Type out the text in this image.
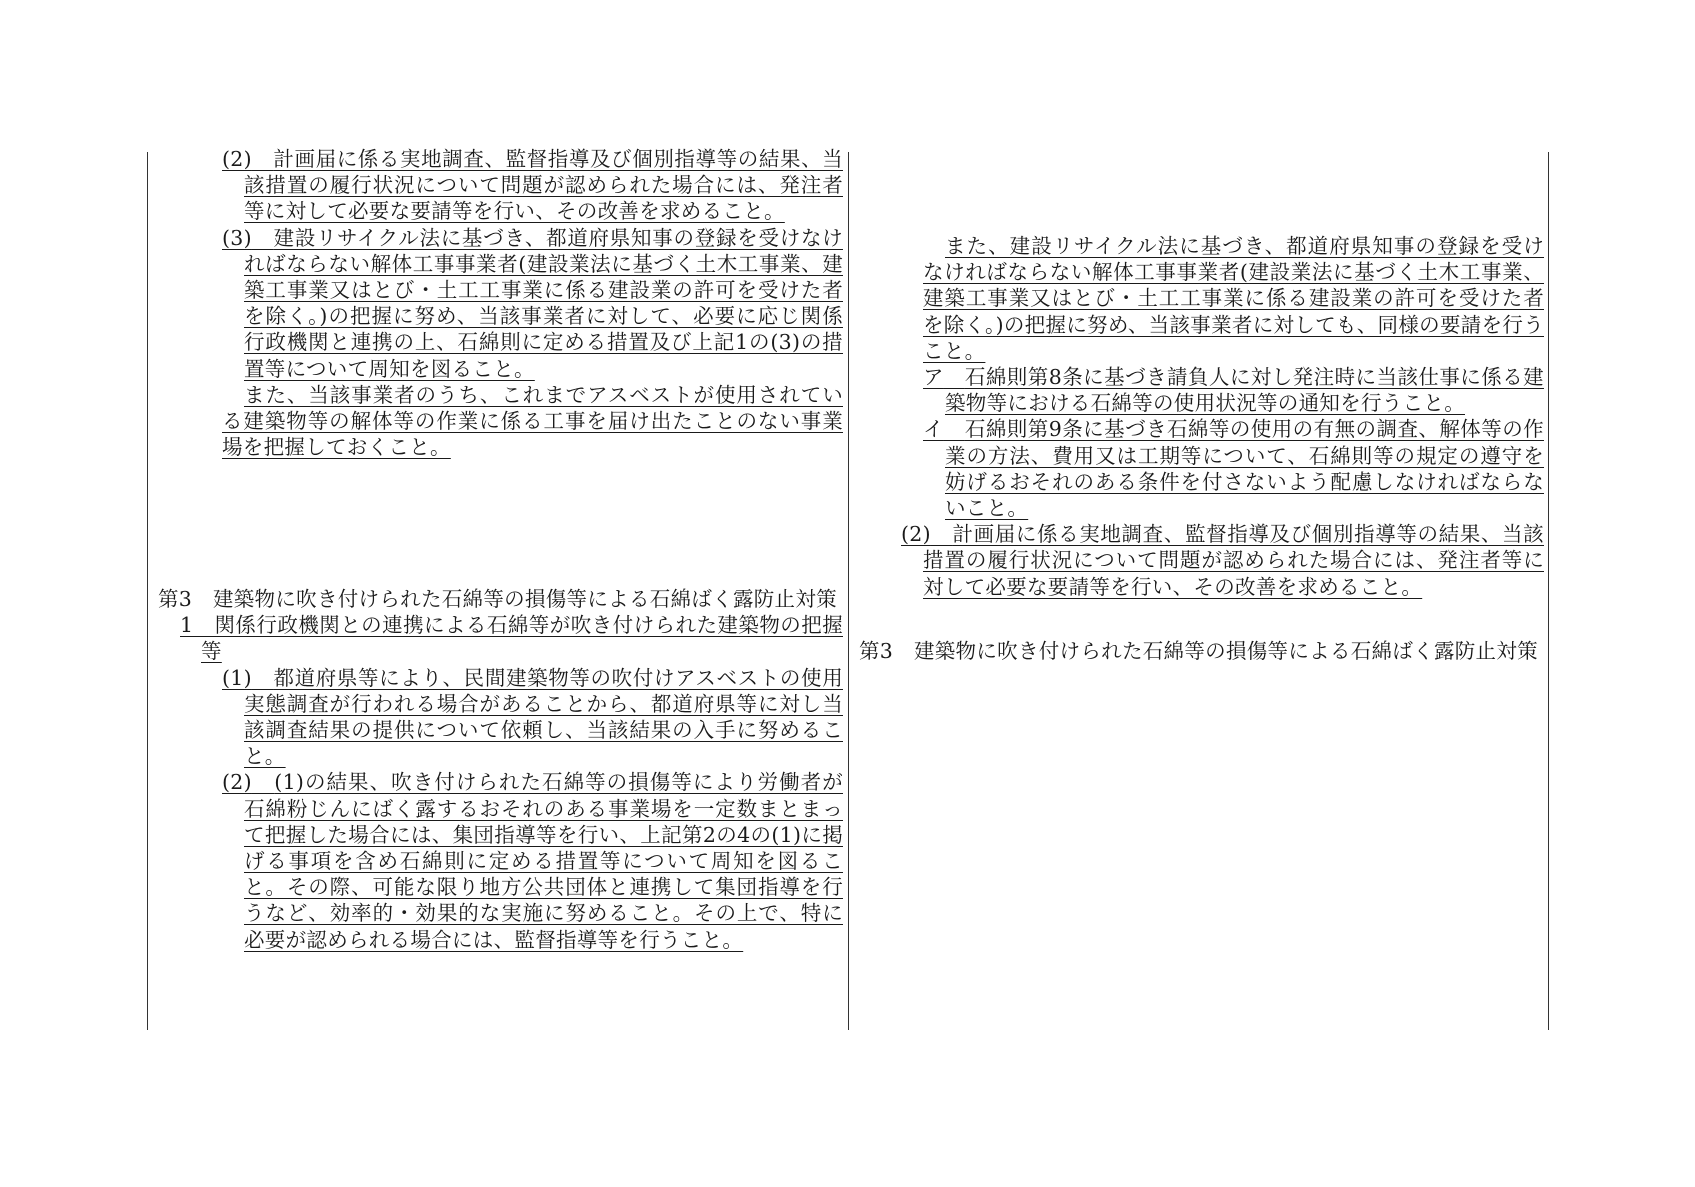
(2)　 計画届に係る実地調査、監督指導及び個別指導等の結果、当該措置の履行状況について問題が認められた場合には、発注者等に対して必要な要請等を行い、その改善を求めること。

(3)　 建設リサイクル法に基づき、都道府県知事の登録を受けなければならない解体工事事業者(建設業法に基づく土木工事業、建築工事業又はとび・土工工事業に係る建設業の許可を受けた者を除く。)の把握に努め、当該事業者に対して、必要に応じ関係行政機関と連携の上、石綿則に定める措置及び上記1の(3)の措置等について周知を図ること。

また、当該事業者のうち、これまでアスベストが使用されている建築物等の解体等の作業に係る工事を届け出たことのない事業場を把握しておくこと。

第3　建築物に吹き付けられた石綿等の損傷等による石綿ばく露防止対策

1　関係行政機関との連携による石綿等が吹き付けられた建築物の把握等

(1)　 都道府県等により、民間建築物等の吹付けアスベストの使用実態調査が行われる場合があることから、都道府県等に対し当該調査結果の提供について依頼し、当該結果の入手に努めること。

(2)　 (1)の結果、吹き付けられた石綿等の損傷等により労働者が石綿粉じんにばく露するおそれのある事業場を一定数まとまって把握した場合には、集団指導等を行い、上記第2の4の(1)に掲げる事項を含め石綿則に定める措置等について周知を図ること。その際、可能な限り地方公共団体と連携して集団指導を行うなど、効率的・効果的な実施に努めること。その上で、特に必要が認められる場合には、監督指導等を行うこと。

また、建設リサイクル法に基づき、都道府県知事の登録を受けなければならない解体工事事業者(建設業法に基づく土木工事業、建築工事業又はとび・土工工事業に係る建設業の許可を受けた者を除く。)の把握に努め、当該事業者に対しても、同様の要請を行うこと。

ア　 石綿則第8条に基づき請負人に対し発注時に当該仕事に係る建築物等における石綿等の使用状況等の通知を行うこと。

イ　 石綿則第9条に基づき石綿等の使用の有無の調査、解体等の作業の方法、費用又は工期等について、石綿則等の規定の遵守を妨げるおそれのある条件を付さないよう配慮しなければならないこと。

(2)　 計画届に係る実地調査、監督指導及び個別指導等の結果、当該措置の履行状況について問題が認められた場合には、発注者等に対して必要な要請等を行い、その改善を求めること。

第3　建築物に吹き付けられた石綿等の損傷等による石綿ばく露防止対策
